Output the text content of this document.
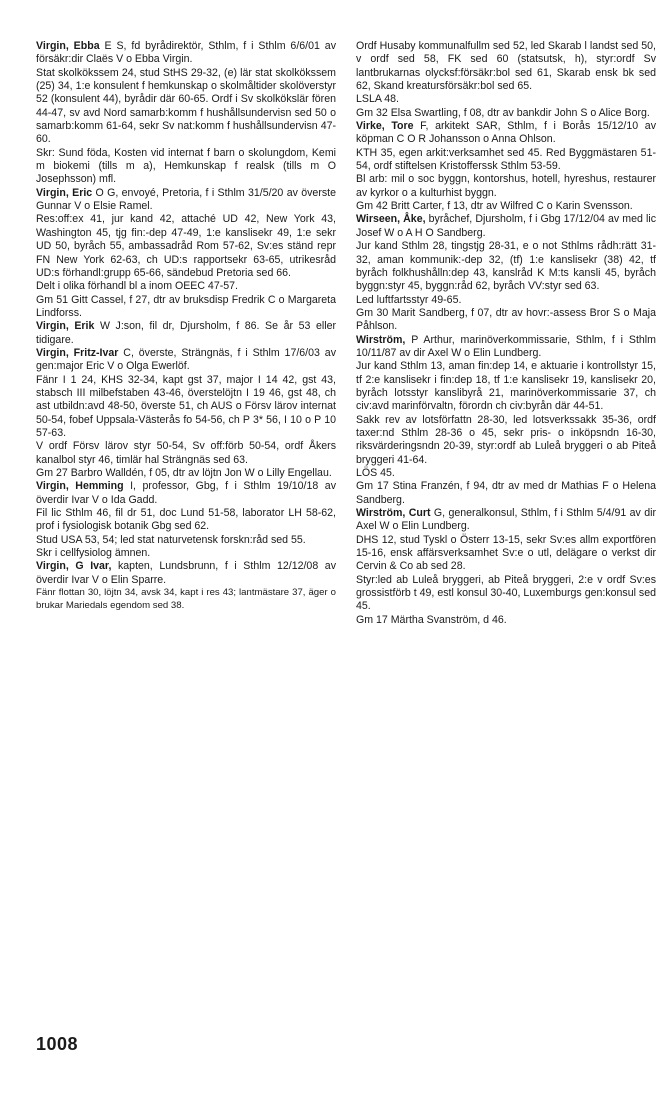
Virgin, Ebba E S, fd byrådirektör, Sthlm, f i Sthlm 6/6/01 av försäkr:dir Claës V o Ebba Virgin.

Stat skolkökssem 24, stud StHS 29-32, (e) lär stat skolkökssem (25) 34, 1:e konsulent f hemkunskap o skolmåltider skolöverstyr 52 (konsulent 44), byrådir där 60-65. Ordf i Sv skolkökslär fören 44-47, sv avd Nord samarb:komm f hushållsundervisn sed 50 o samarb:komm 61-64, sekr Sv nat:komm f hushållsundervisn 47-60.

Skr: Sund föda, Kosten vid internat f barn o skolungdom, Kemi m biokemi (tills m a), Hemkunskap f realsk (tills m O Josephsson) mfl.

Virgin, Eric O G, envoyé, Pretoria, f i Sthlm 31/5/20 av överste Gunnar V o Elsie Ramel.

Res:off:ex 41, jur kand 42, attaché UD 42, New York 43, Washington 45, tjg fin:-dep 47-49, 1:e kanslisekr 49, 1:e sekr UD 50, byråch 55, ambassadråd Rom 57-62, Sv:es ständ repr FN New York 62-63, ch UD:s rapportsekr 63-65, utrikesråd UD:s förhandl:grupp 65-66, sändebud Pretoria sed 66.

Delt i olika förhandl bl a inom OEEC 47-57.

Gm 51 Gitt Cassel, f 27, dtr av bruksdisp Fredrik C o Margareta Lindforss.

Virgin, Erik W J:son, fil dr, Djursholm, f 86. Se år 53 eller tidigare.

Virgin, Fritz-Ivar C, överste, Strängnäs, f i Sthlm 17/6/03 av gen:major Eric V o Olga Ewerlöf.

Fänr I 1 24, KHS 32-34, kapt gst 37, major I 14 42, gst 43, stabsch III milbefstaben 43-46, överstelöjtn I 19 46, gst 48, ch ast utbildn:avd 48-50, överste 51, ch AUS o Försv lärov internat 50-54, fobef Uppsala-Västerås fo 54-56, ch P 3* 56, I 10 o P 10 57-63.

V ordf Försv lärov styr 50-54, Sv off:förb 50-54, ordf Åkers kanalbol styr 46, timlär hal Strängnäs sed 63.

Gm 27 Barbro Walldén, f 05, dtr av löjtn Jon W o Lilly Engellau.

Virgin, Hemming I, professor, Gbg, f i Sthlm 19/10/18 av överdir Ivar V o Ida Gadd.

Fil lic Sthlm 46, fil dr 51, doc Lund 51-58, laborator LH 58-62, prof i fysiologisk botanik Gbg sed 62.

Stud USA 53, 54; led stat naturvetensk forskn:råd sed 55.

Skr i cellfysiolog ämnen.

Virgin, G Ivar, kapten, Lundsbrunn, f i Sthlm 12/12/08 av överdir Ivar V o Elin Sparre.

Fänr flottan 30, löjtn 34, avsk 34, kapt i res 43; lantmästare 37, äger o brukar Mariedals egendom sed 38.

Ordf Husaby kommunalfullm sed 52, led Skarab l landst sed 50, v ordf sed 58, FK sed 60 (statsutsk, h), styr:ordf Sv lantbrukarnas olycksf:försäkr:bol sed 61, Skarab ensk bk sed 62, Skand kreatursförsäkr:bol sed 65.

LSLA 48.

Gm 32 Elsa Swartling, f 08, dtr av bankdir John S o Alice Borg.

Virke, Tore F, arkitekt SAR, Sthlm, f i Borås 15/12/10 av köpman C O R Johansson o Anna Ohlson.

KTH 35, egen arkit:verksamhet sed 45. Red Byggmästaren 51-54, ordf stiftelsen Kristofferssk Sthlm 53-59.

Bl arb: mil o soc byggn, kontorshus, hotell, hyreshus, restaurer av kyrkor o a kulturhist byggn.

Gm 42 Britt Carter, f 13, dtr av Wilfred C o Karin Svensson.

Wirseen, Åke, byråchef, Djursholm, f i Gbg 17/12/04 av med lic Josef W o A H O Sandberg.

Jur kand Sthlm 28, tingstjg 28-31, e o not Sthlms rådh:rätt 31-32, aman kommunik:-dep 32, (tf) 1:e kanslisekr (38) 42, tf byråch folkhushålln:dep 43, kanslråd K M:ts kansli 45, byråch byggn:styr 45, byggn:råd 62, byråch VV:styr sed 63.

Led luftfartsstyr 49-65.

Gm 30 Marit Sandberg, f 07, dtr av hovr:-assess Bror S o Maja Påhlson.

Wirström, P Arthur, marinöverkommissarie, Sthlm, f i Sthlm 10/11/87 av dir Axel W o Elin Lundberg.

Jur kand Sthlm 13, aman fin:dep 14, e aktuarie i kontrollstyr 15, tf 2:e kanslisekr i fin:dep 18, tf 1:e kanslisekr 19, kanslisekr 20, byråch lotsstyr kanslibyrå 21, marinöverkommissarie 37, ch civ:avd marinförvaltn, förordn ch civ:byrån där 44-51.

Sakk rev av lotsförfattn 28-30, led lotsverkssakk 35-36, ordf taxer:nd Sthlm 28-36 o 45, sekr pris- o inköpsndn 16-30, riksvärderingsndn 20-39, styr:ordf ab Luleå bryggeri o ab Piteå bryggeri 41-64.

LÖS 45.

Gm 17 Stina Franzén, f 94, dtr av med dr Mathias F o Helena Sandberg.

Wirström, Curt G, generalkonsul, Sthlm, f i Sthlm 5/4/91 av dir Axel W o Elin Lundberg.

DHS 12, stud Tyskl o Österr 13-15, sekr Sv:es allm exportfören 15-16, ensk affärsverksamhet Sv:e o utl, delägare o verkst dir Cervin & Co ab sed 28.

Styr:led ab Luleå bryggeri, ab Piteå bryggeri, 2:e v ordf Sv:es grossistförb t 49, estl konsul 30-40, Luxemburgs gen:konsul sed 45.

Gm 17 Märtha Svanström, d 46.

1008
